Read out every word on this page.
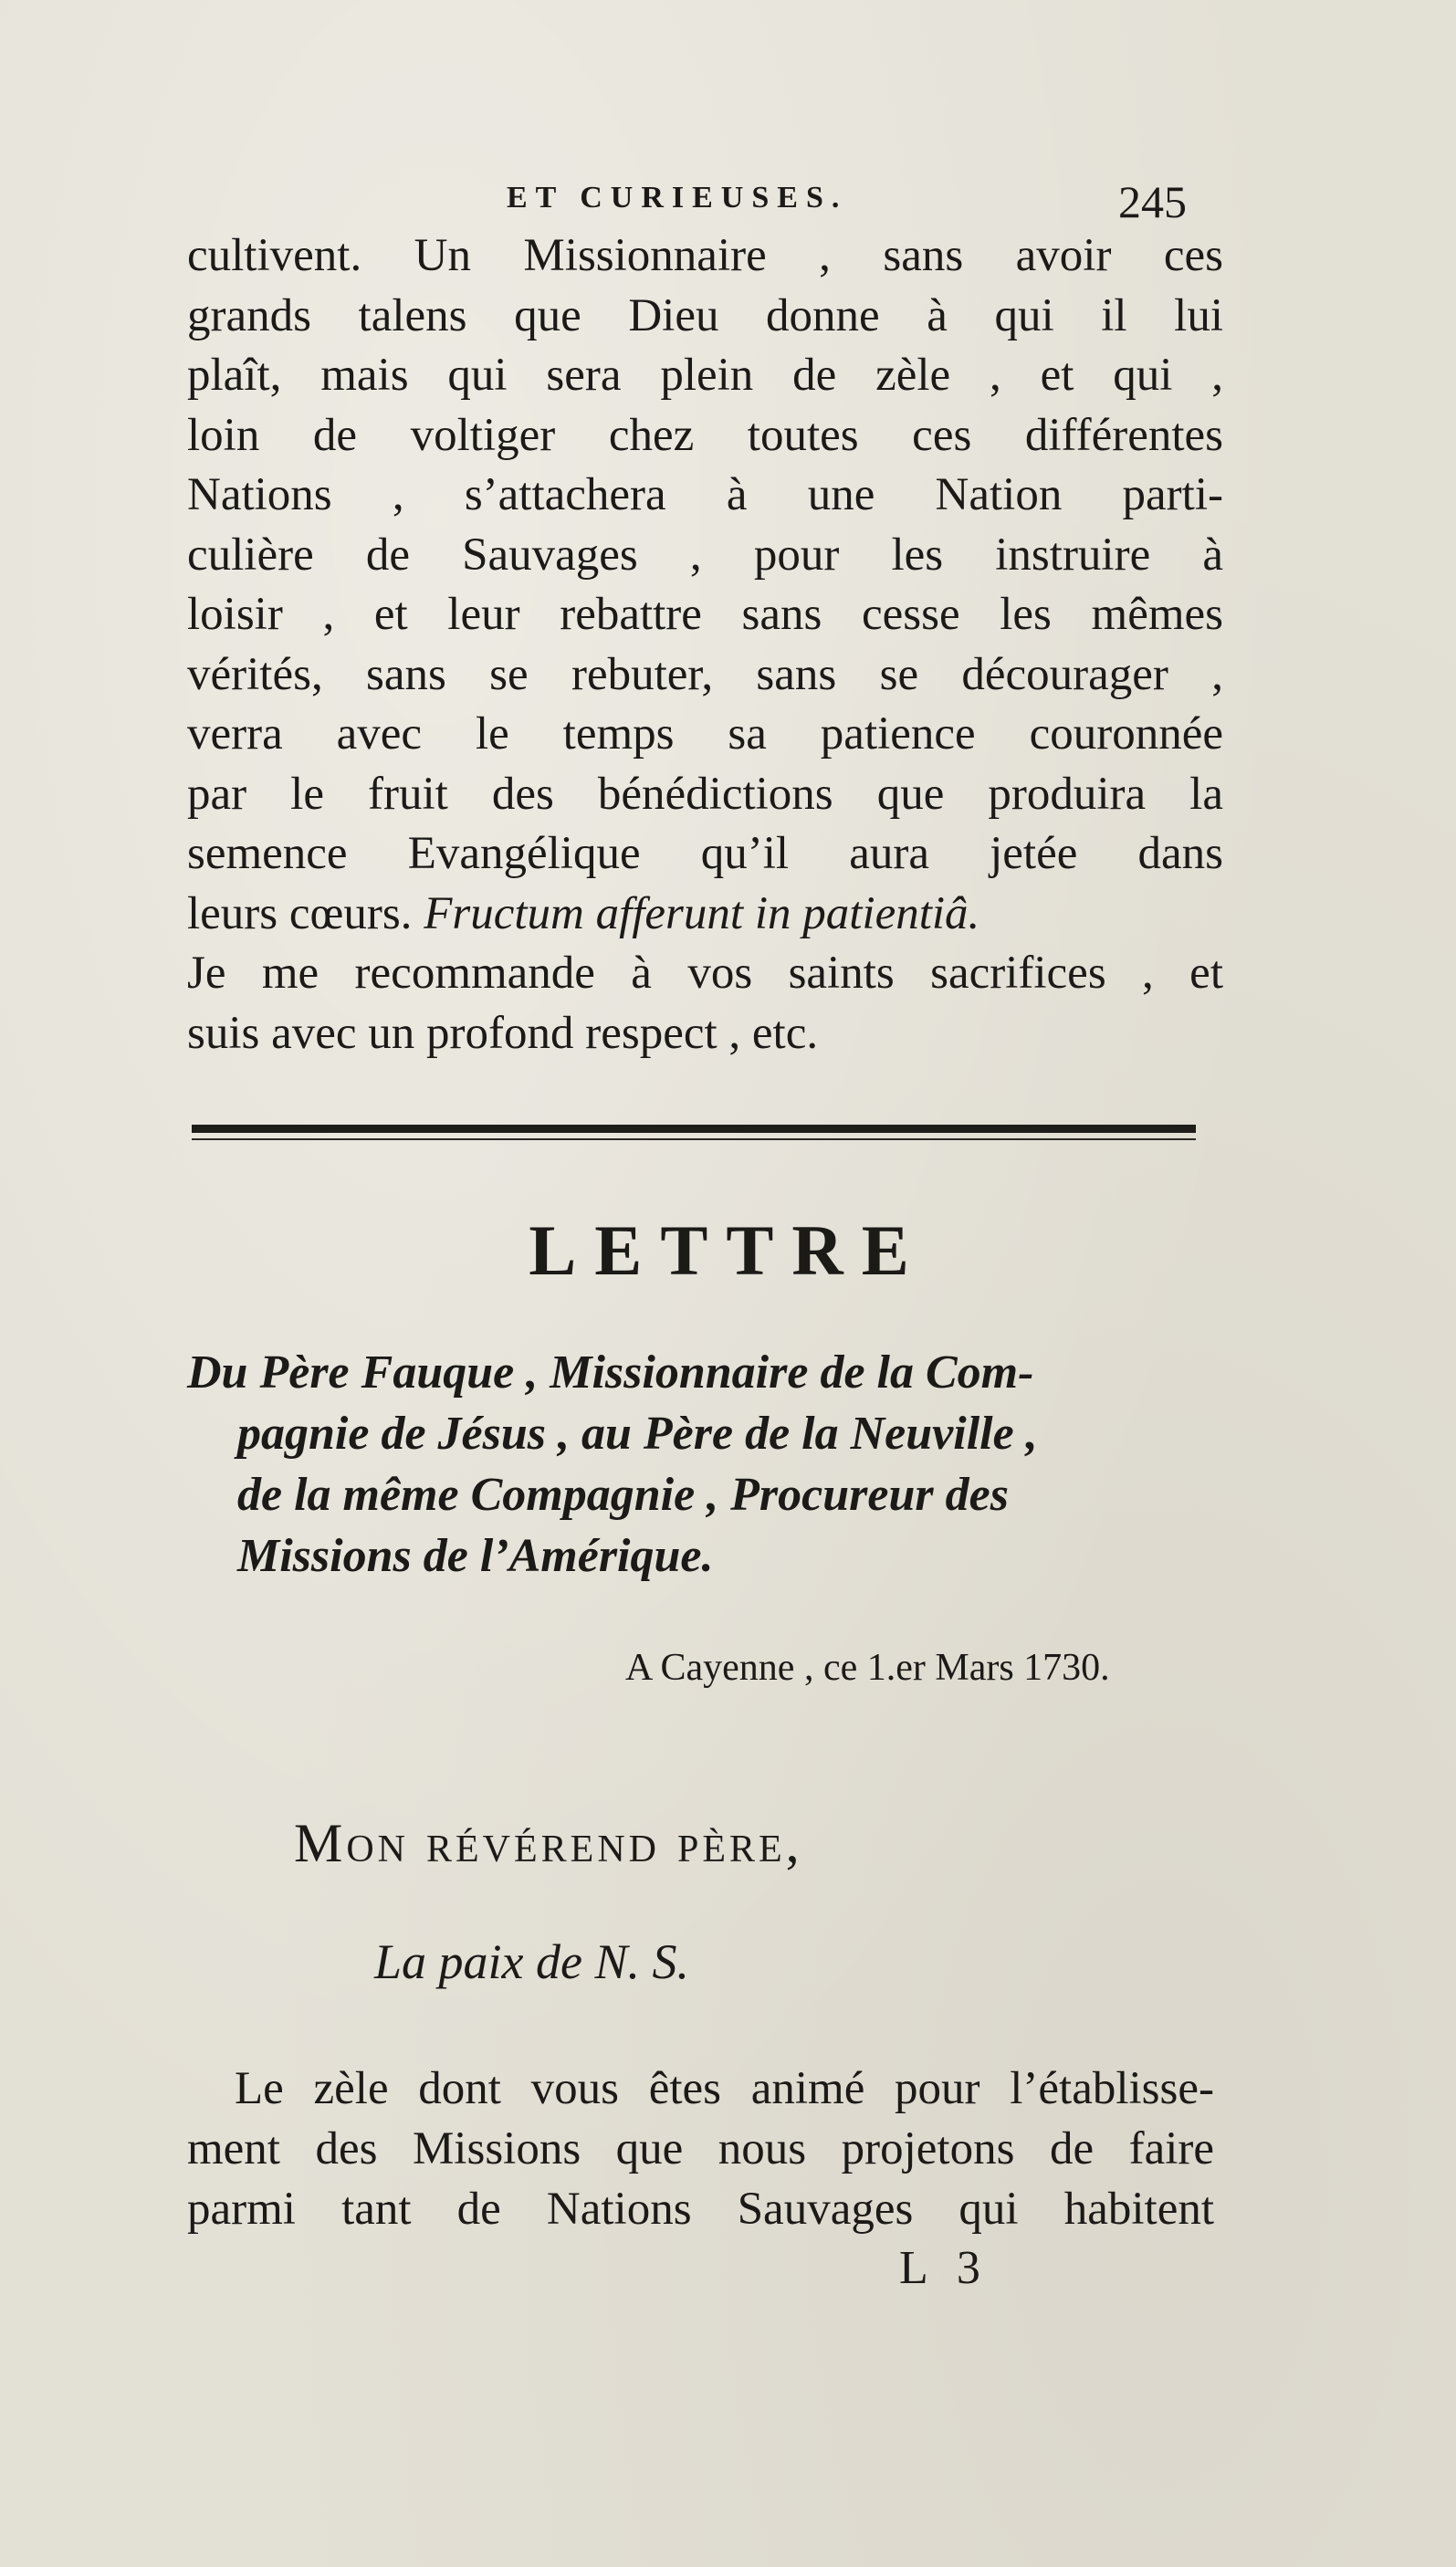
ET CURIEUSES.	245
cultivent. Un Missionnaire , sans avoir ces
grands talens que Dieu donne à qui il lui
plaît, mais qui sera plein de zèle , et qui ,
loin de voltiger chez toutes ces différentes
Nations , s’attachera à une Nation parti-
culière de Sauvages , pour les instruire à
loisir , et leur rebattre sans cesse les mêmes
vérités, sans se rebuter, sans se décourager ,
verra avec le temps sa patience couronnée
par le fruit des bénédictions que produira la
semence Evangélique qu’il aura jetée dans
leurs cœurs. Fructum afferunt in patientiâ.
Je me recommande à vos saints sacrifices , et
suis avec un profond respect , etc.
LETTRE
Du Père Fauque , Missionnaire de la Com-
pagnie de Jésus , au Père de la Neuville ,
de la même Compagnie , Procureur des
Missions de l’Amérique.
A Cayenne , ce 1.er Mars 1730.
Mon révérend père,
La paix de N. S.
Le zèle dont vous êtes animé pour l’établisse-
ment des Missions que nous projetons de faire
parmi tant de Nations Sauvages qui habitent
L 3
